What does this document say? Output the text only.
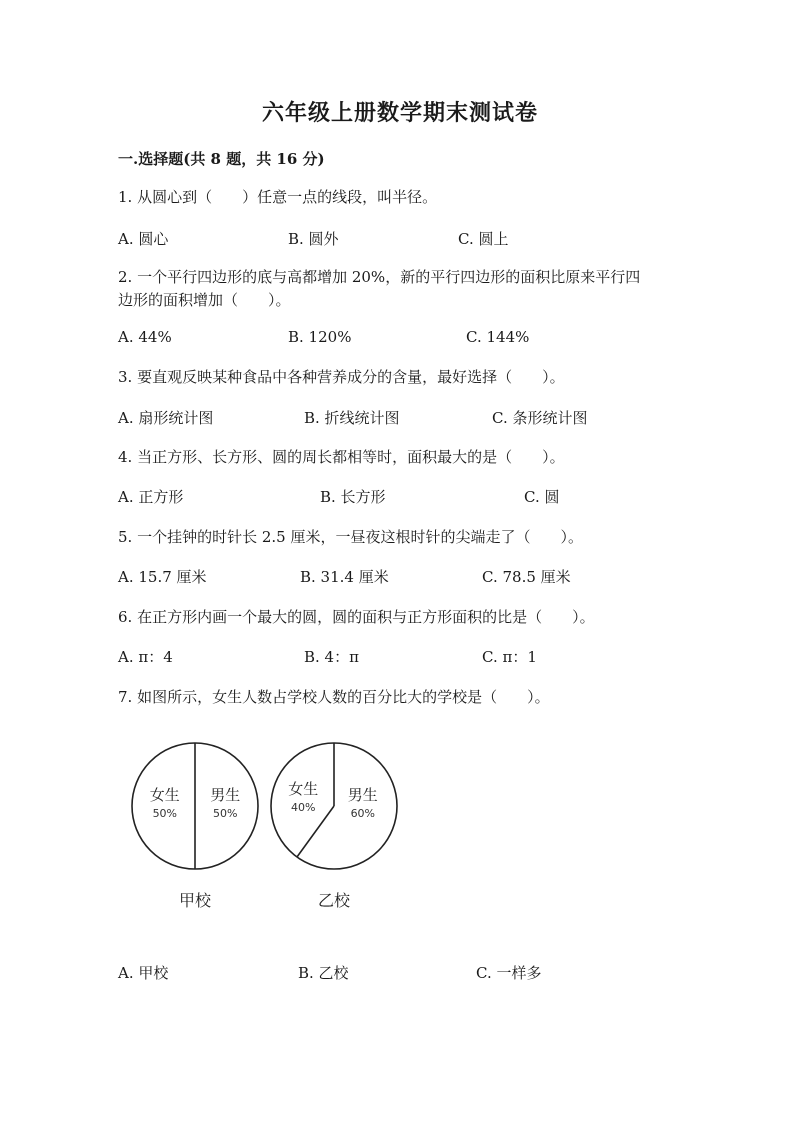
六年级上册数学期末测试卷
一.选择题(共 8 题，共 16 分)
1. 从圆心到（　　）任意一点的线段，叫半径。
A. 圆心	B. 圆外	C. 圆上
2. 一个平行四边形的底与高都增加 20%，新的平行四边形的面积比原来平行四
边形的面积增加（　　）。
A. 44%	B. 120%	C. 144%
3. 要直观反映某种食品中各种营养成分的含量，最好选择（　　）。
A. 扇形统计图	B. 折线统计图	C. 条形统计图
4. 当正方形、长方形、圆的周长都相等时，面积最大的是（　　）。
A. 正方形	B. 长方形	C. 圆
5. 一个挂钟的时针长 2.5 厘米，一昼夜这根时针的尖端走了（　　）。
A. 15.7 厘米	B. 31.4 厘米	C. 78.5 厘米
6. 在正方形内画一个最大的圆，圆的面积与正方形面积的比是（　　）。
A. π：4	B. 4：π	C. π：1
7. 如图所示，女生人数占学校人数的百分比大的学校是（　　）。
女生
50%
男生
50%
甲校
女生
40%
男生
60%
乙校
A. 甲校	B. 乙校	C. 一样多
